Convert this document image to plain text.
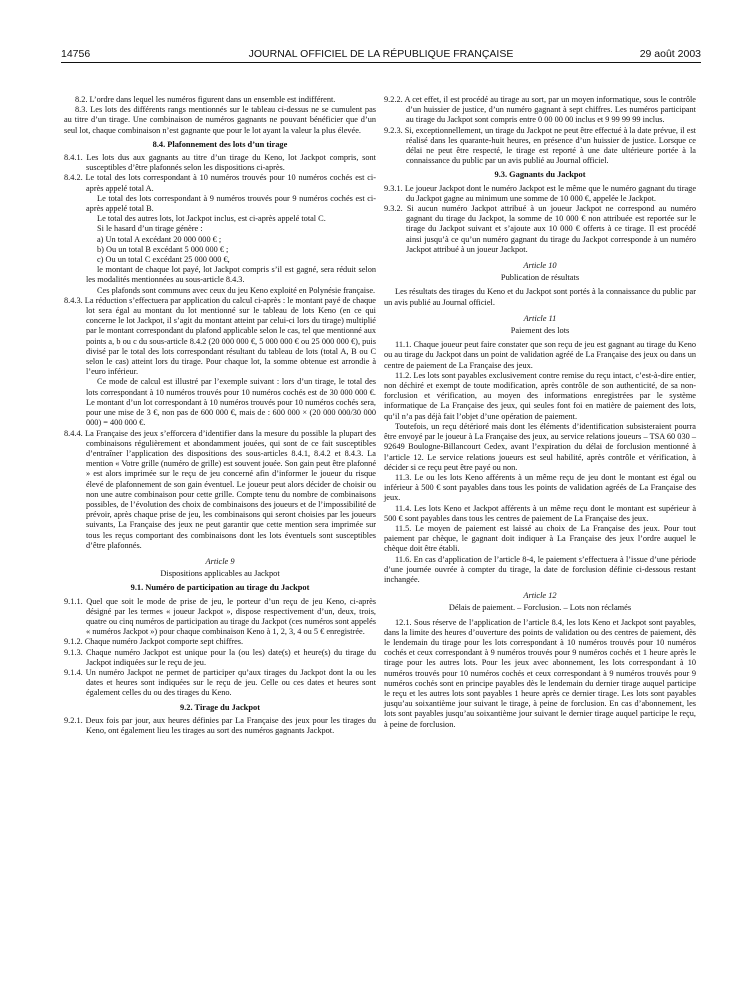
14756	JOURNAL OFFICIEL DE LA RÉPUBLIQUE FRANÇAISE	29 août 2003

8.2. L’ordre dans lequel les numéros figurent dans un ensemble est indifférent.

8.3. Les lots des différents rangs mentionnés sur le tableau ci-dessus ne se cumulent pas au titre d’un tirage. Une combinaison de numéros gagnants ne pouvant bénéficier que d’un seul lot, chaque combinaison n’est gagnante que pour le lot ayant la valeur la plus élevée.

8.4. Plafonnement des lots d’un tirage

8.4.1. Les lots dus aux gagnants au titre d’un tirage du Keno, lot Jackpot compris, sont susceptibles d’être plafonnés selon les dispositions ci-après.

8.4.2. Le total des lots correspondant à 10 numéros trouvés pour 10 numéros cochés est ci-après appelé total A.

Le total des lots correspondant à 9 numéros trouvés pour 9 numéros cochés est ci-après appelé total B.

Le total des autres lots, lot Jackpot inclus, est ci-après appelé total C.

Si le hasard d’un tirage génère :

a) Un total A excédant 20 000 000 € ;

b) Ou un total B excédant 5 000 000 € ;

c) Ou un total C excédant 25 000 000 €,

le montant de chaque lot payé, lot Jackpot compris s’il est gagné, sera réduit selon les modalités mentionnées au sous-article 8.4.3.

Ces plafonds sont communs avec ceux du jeu Keno exploité en Polynésie française.

8.4.3. La réduction s’effectuera par application du calcul ci-après : le montant payé de chaque lot sera égal au montant du lot mentionné sur le tableau de lots Keno (en ce qui concerne le lot Jackpot, il s’agit du montant atteint par celui-ci lors du tirage) multiplié par le montant correspondant du plafond applicable selon le cas, tel que mentionné aux points a, b ou c du sous-article 8.4.2 (20 000 000 €, 5 000 000 € ou 25 000 000 €), puis divisé par le total des lots correspondant résultant du tableau de lots (total A, B ou C selon le cas) atteint lors du tirage. Pour chaque lot, la somme obtenue est arrondie à l’euro inférieur.

Ce mode de calcul est illustré par l’exemple suivant : lors d’un tirage, le total des lots correspondant à 10 numéros trouvés pour 10 numéros cochés est de 30 000 000 €. Le montant d’un lot correspondant à 10 numéros trouvés pour 10 numéros cochés sera, pour une mise de 3 €, non pas de 600 000 €, mais de : 600 000 × (20 000 000/30 000 000) = 400 000 €.

8.4.4. La Française des jeux s’efforcera d’identifier dans la mesure du possible la plupart des combinaisons régulièrement et abondamment jouées, qui sont de ce fait susceptibles d’entraîner l’application des dispositions des sous-articles 8.4.1, 8.4.2 et 8.4.3. La mention « Votre grille (numéro de grille) est souvent jouée. Son gain peut être plafonné » est alors imprimée sur le reçu de jeu concerné afin d’informer le joueur du risque élevé de plafonnement de son gain éventuel. Le joueur peut alors décider de choisir ou non une autre combinaison pour cette grille. Compte tenu du nombre de combinaisons possibles, de l’évolution des choix de combinaisons des joueurs et de l’impossibilité de prévoir, après chaque prise de jeu, les combinaisons qui seront choisies par les joueurs suivants, La Française des jeux ne peut garantir que cette mention sera imprimée sur tous les reçus comportant des combinaisons dont les lots éventuels sont susceptibles d’être plafonnés.

Article 9
Dispositions applicables au Jackpot
9.1. Numéro de participation au tirage du Jackpot

9.1.1. Quel que soit le mode de prise de jeu, le porteur d’un reçu de jeu Keno, ci-après désigné par les termes « joueur Jackpot », dispose respectivement d’un, deux, trois, quatre ou cinq numéros de participation au tirage du Jackpot (ces numéros sont appelés « numéros Jackpot ») pour chaque combinaison Keno à 1, 2, 3, 4 ou 5 € enregistrée.

9.1.2. Chaque numéro Jackpot comporte sept chiffres.

9.1.3. Chaque numéro Jackpot est unique pour la (ou les) date(s) et heure(s) du tirage du Jackpot indiquées sur le reçu de jeu.

9.1.4. Un numéro Jackpot ne permet de participer qu’aux tirages du Jackpot dont la ou les dates et heures sont indiquées sur le reçu de jeu. Celle ou ces dates et heures sont également celles du ou des tirages du Keno.

9.2. Tirage du Jackpot

9.2.1. Deux fois par jour, aux heures définies par La Française des jeux pour les tirages du Keno, ont également lieu les tirages au sort des numéros gagnants Jackpot.

9.2.2. A cet effet, il est procédé au tirage au sort, par un moyen informatique, sous le contrôle d’un huissier de justice, d’un numéro gagnant à sept chiffres. Les numéros participant au tirage du Jackpot sont compris entre 0 00 00 00 inclus et 9 99 99 99 inclus.

9.2.3. Si, exceptionnellement, un tirage du Jackpot ne peut être effectué à la date prévue, il est réalisé dans les quarante-huit heures, en présence d’un huissier de justice. Lorsque ce délai ne peut être respecté, le tirage est reporté à une date ultérieure portée à la connaissance du public par un avis publié au Journal officiel.

9.3. Gagnants du Jackpot

9.3.1. Le joueur Jackpot dont le numéro Jackpot est le même que le numéro gagnant du tirage du Jackpot gagne au minimum une somme de 10 000 €, appelée le Jackpot.

9.3.2. Si aucun numéro Jackpot attribué à un joueur Jackpot ne correspond au numéro gagnant du tirage du Jackpot, la somme de 10 000 € non attribuée est reportée sur le tirage du Jackpot suivant et s’ajoute aux 10 000 € offerts à ce tirage. Il est procédé ainsi jusqu’à ce qu’un numéro gagnant du tirage du Jackpot corresponde à un numéro Jackpot attribué à un joueur Jackpot.

Article 10
Publication de résultats

Les résultats des tirages du Keno et du Jackpot sont portés à la connaissance du public par un avis publié au Journal officiel.

Article 11
Paiement des lots

11.1. Chaque joueur peut faire constater que son reçu de jeu est gagnant au tirage du Keno ou au tirage du Jackpot dans un point de validation agréé de La Française des jeux ou dans un centre de paiement de La Française des jeux.

11.2. Les lots sont payables exclusivement contre remise du reçu intact, c’est-à-dire entier, non déchiré et exempt de toute modification, après contrôle de son authenticité, de sa non-forclusion et vérification, au moyen des informations enregistrées par le système informatique de La Française des jeux, qui seules font foi en matière de paiement des lots, qu’il n’a pas déjà fait l’objet d’une opération de paiement.

Toutefois, un reçu détérioré mais dont les éléments d’identification subsisteraient pourra être envoyé par le joueur à La Française des jeux, au service relations joueurs – TSA 60 030 – 92649 Boulogne-Billancourt Cedex, avant l’expiration du délai de forclusion mentionné à l’article 12. Le service relations joueurs est seul habilité, après contrôle et vérification, à décider si ce reçu peut être payé ou non.

11.3. Le ou les lots Keno afférents à un même reçu de jeu dont le montant est égal ou inférieur à 500 € sont payables dans tous les points de validation agréés de La Française des jeux.

11.4. Les lots Keno et Jackpot afférents à un même reçu dont le montant est supérieur à 500 € sont payables dans tous les centres de paiement de La Française des jeux.

11.5. Le moyen de paiement est laissé au choix de La Française des jeux. Pour tout paiement par chèque, le gagnant doit indiquer à La Française des jeux l’ordre auquel le chèque doit être établi.

11.6. En cas d’application de l’article 8-4, le paiement s’effectuera à l’issue d’une période d’une journée ouvrée à compter du tirage, la date de forclusion définie ci-dessous restant inchangée.

Article 12
Délais de paiement. – Forclusion. – Lots non réclamés

12.1. Sous réserve de l’application de l’article 8.4, les lots Keno et Jackpot sont payables, dans la limite des heures d’ouverture des points de validation ou des centres de paiement, dès le lendemain du tirage pour les lots correspondant à 10 numéros trouvés pour 10 numéros cochés et ceux correspondant à 9 numéros trouvés pour 9 numéros cochés et 1 heure après le tirage pour les autres lots. Pour les jeux avec abonnement, les lots correspondant à 10 numéros trouvés pour 10 numéros cochés et ceux correspondant à 9 numéros trouvés pour 9 numéros cochés sont en principe payables dès le lendemain du dernier tirage auquel participe le reçu et les autres lots sont payables 1 heure après ce dernier tirage. Les lots sont payables jusqu’au soixantième jour suivant le tirage, à peine de forclusion. En cas d’abonnement, les lots sont payables jusqu’au soixantième jour suivant le dernier tirage auquel participe le reçu, à peine de forclusion.
